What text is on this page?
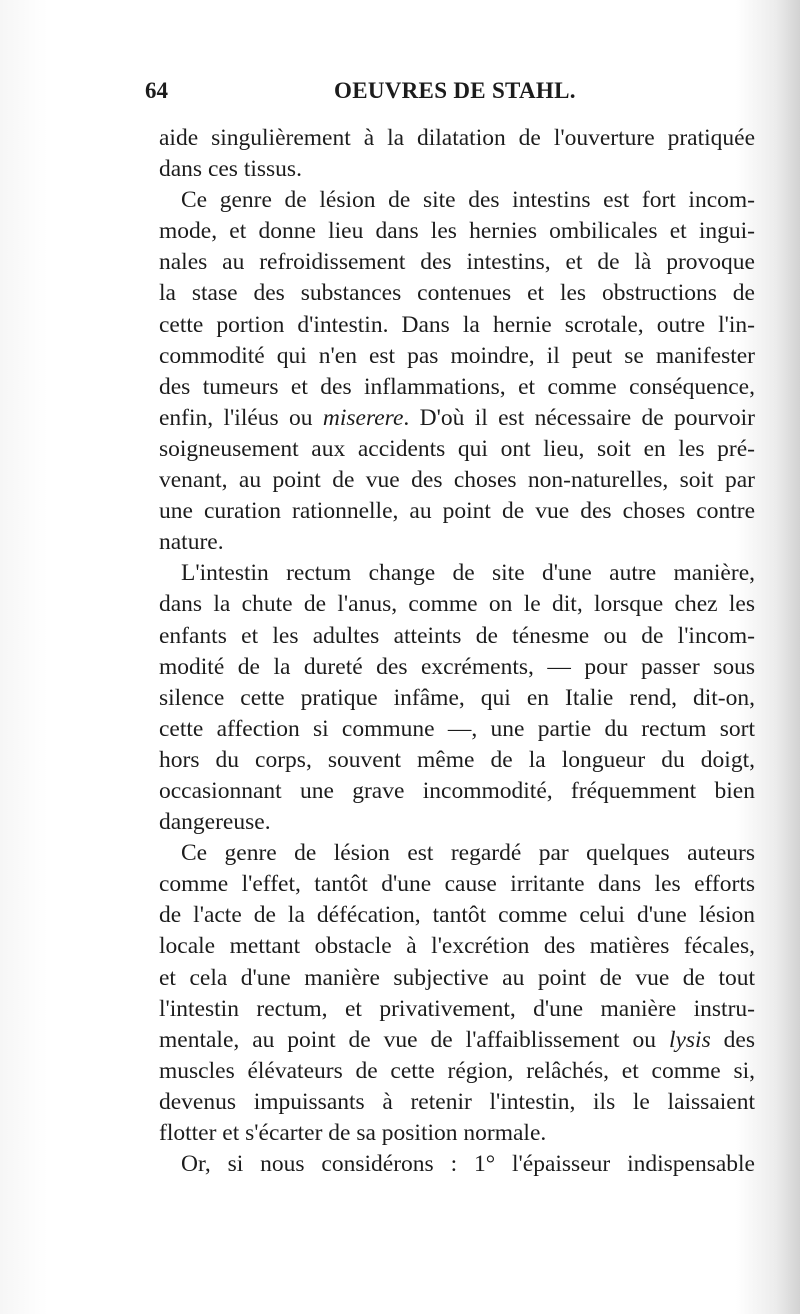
64	OEUVRES DE STAHL.
aide singulièrement à la dilatation de l'ouverture pratiquée
dans ces tissus.
Ce genre de lésion de site des intestins est fort incom-
mode, et donne lieu dans les hernies ombilicales et ingui-
nales au refroidissement des intestins, et de là provoque
la stase des substances contenues et les obstructions de
cette portion d'intestin. Dans la hernie scrotale, outre l'in-
commodité qui n'en est pas moindre, il peut se manifester
des tumeurs et des inflammations, et comme conséquence,
enfin, l'iléus ou miserere. D'où il est nécessaire de pourvoir
soigneusement aux accidents qui ont lieu, soit en les pré-
venant, au point de vue des choses non-naturelles, soit par
une curation rationnelle, au point de vue des choses contre
nature.
L'intestin rectum change de site d'une autre manière,
dans la chute de l'anus, comme on le dit, lorsque chez les
enfants et les adultes atteints de ténesme ou de l'incom-
modité de la dureté des excréments, — pour passer sous
silence cette pratique infâme, qui en Italie rend, dit-on,
cette affection si commune —, une partie du rectum sort
hors du corps, souvent même de la longueur du doigt,
occasionnant une grave incommodité, fréquemment bien
dangereuse.
Ce genre de lésion est regardé par quelques auteurs
comme l'effet, tantôt d'une cause irritante dans les efforts
de l'acte de la défécation, tantôt comme celui d'une lésion
locale mettant obstacle à l'excrétion des matières fécales,
et cela d'une manière subjective au point de vue de tout
l'intestin rectum, et privativement, d'une manière instru-
mentale, au point de vue de l'affaiblissement ou lysis des
muscles élévateurs de cette région, relâchés, et comme si,
devenus impuissants à retenir l'intestin, ils le laissaient
flotter et s'écarter de sa position normale.
Or, si nous considérons : 1° l'épaisseur indispensable
